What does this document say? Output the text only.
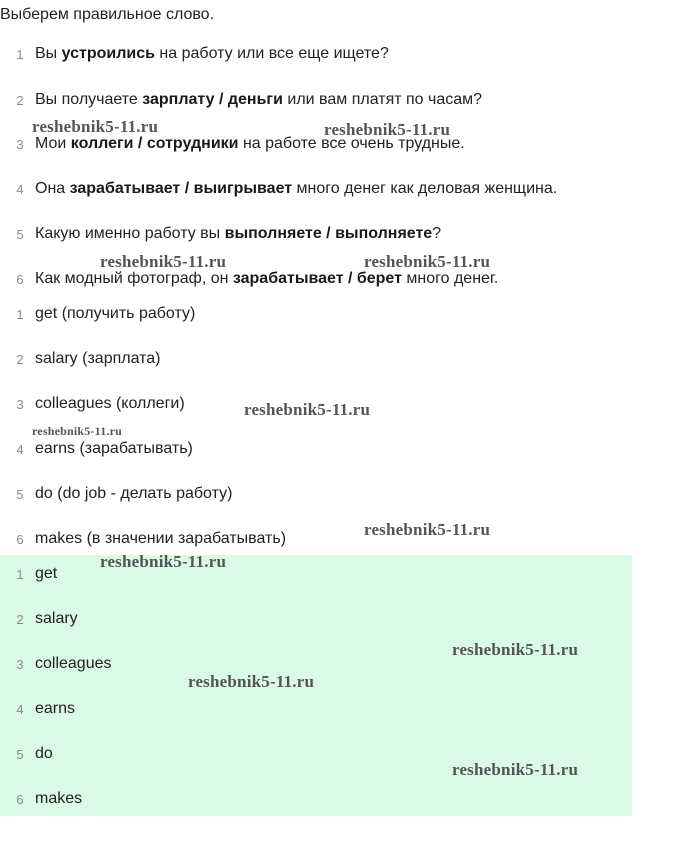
Выберем правильное слово.
1 Вы устроились на работу или все еще ищете?
2 Вы получаете зарплату / деньги или вам платят по часам?
3 Мои коллеги / сотрудники на работе все очень трудные.
4 Она зарабатывает / выигрывает много денег как деловая женщина.
5 Какую именно работу вы выполняете / выполняете?
6 Как модный фотограф, он зарабатывает / берет много денег.
1 get (получить работу)
2 salary (зарплата)
3 colleagues (коллеги)
4 earns (зарабатывать)
5 do (do job - делать работу)
6 makes (в значении зарабатывать)
1 get
2 salary
3 colleagues
4 earns
5 do
6 makes
reshebnik5-11.ru	reshebnik5-11.ru
reshebnik5-11.ru	reshebnik5-11.ru
reshebnik5-11.ru
reshebnik5-11.ru
reshebnik5-11.ru
reshebnik5-11.ru
reshebnik5-11.ru
reshebnik5-11.ru
reshebnik5-11.ru
